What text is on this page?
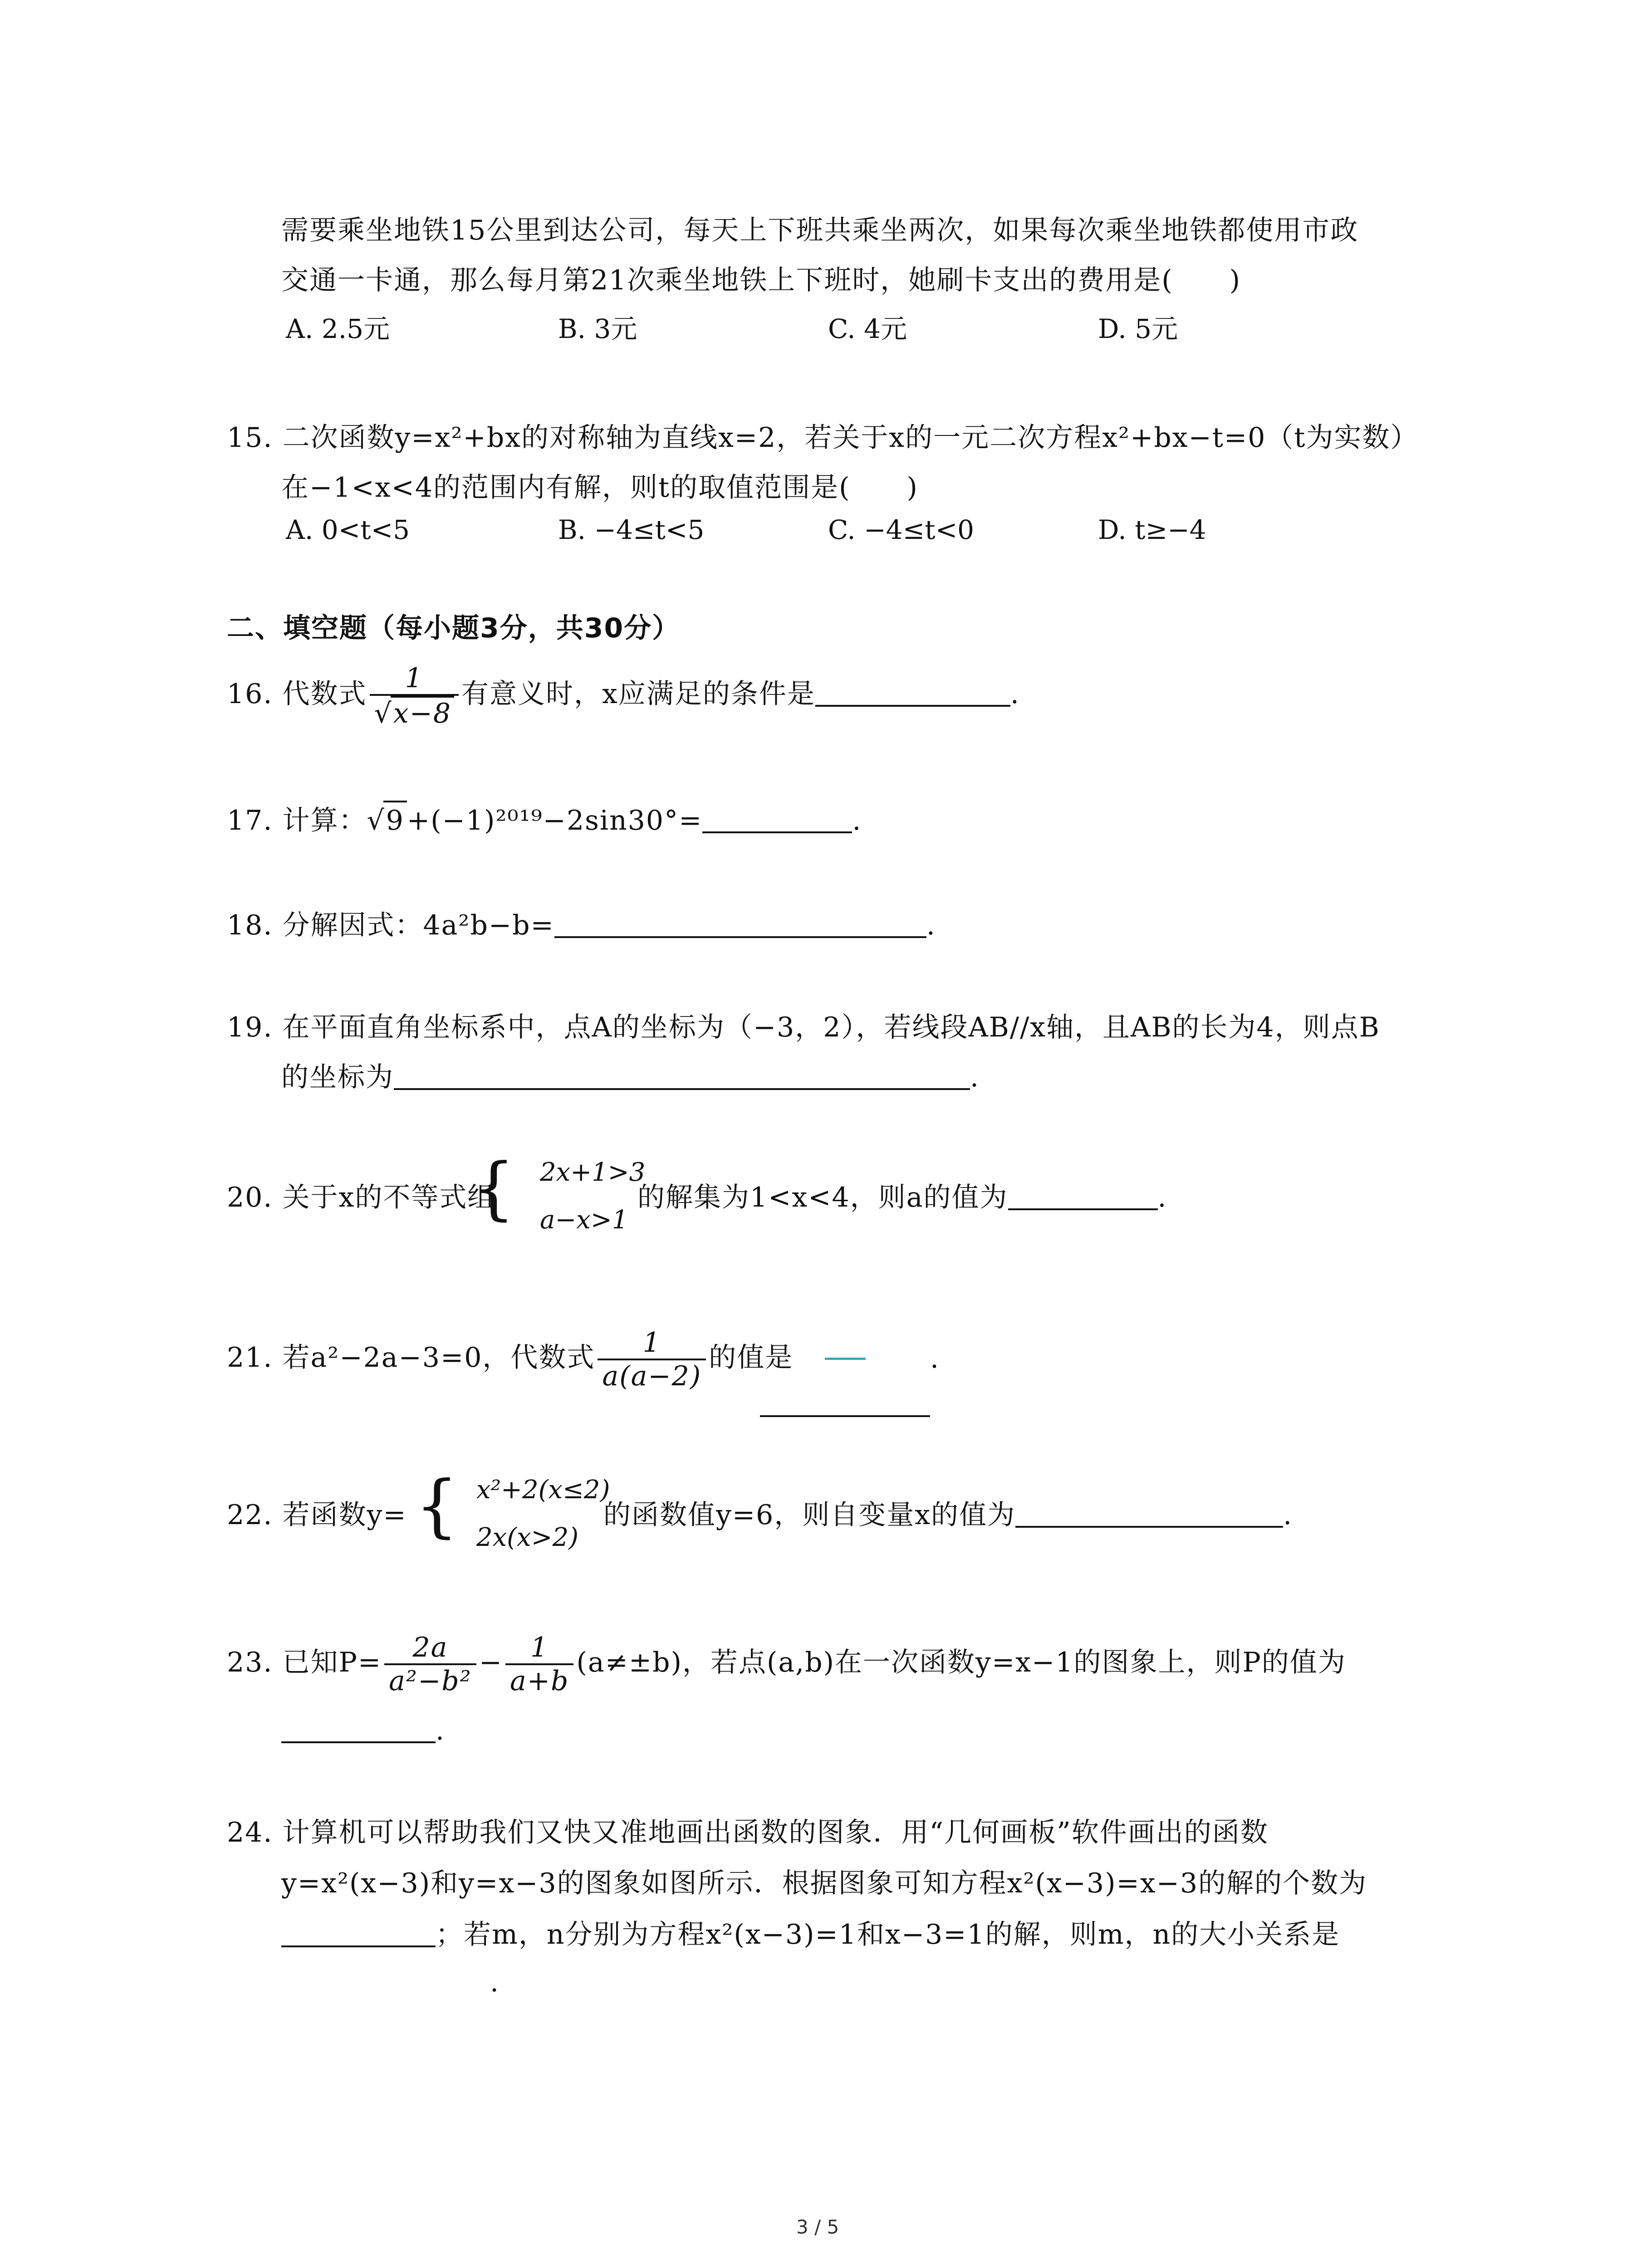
需要乘坐地铁15公里到达公司，每天上下班共乘坐两次，如果每次乘坐地铁都使用市政
交通一卡通，那么每月第21次乘坐地铁上下班时，她刷卡支出的费用是(　　)
A. 2.5元	B. 3元	C. 4元	D. 5元
15. 二次函数y=x²+bx的对称轴为直线x=2，若关于x的一元二次方程x²+bx−t=0（t为实数）
在−1<x<4的范围内有解，则t的取值范围是(　　)
A. 0<t<5	B. −4≤t<5	C. −4≤t<0	D. t≥−4
二、填空题（每小题3分，共30分）
16. 代数式 $\frac{1}{√x-8}$ 有意义时，x应满足的条件是	.
17. 计算：√9 +(−1)²⁰¹⁹−2sin30°=	.
18. 分解因式：4a²b−b=	.
19. 在平面直角坐标系中，点A的坐标为（−3，2），若线段AB//x轴，且AB的长为4，则点B
的坐标为	.
20. 关于x的不等式组
{ 2x+1>3
a−x>1
的解集为1<x<4，则a的值为	.
21. 若a²−2a−3=0，代数式 $\frac{1}{a(a-2)}$ 的值是	.
22. 若函数y= { x²+2(x≤2)
2x(x>2)
的函数值y=6，则自变量x的值为	.
23. 已知$P= \frac{2a}{\text{a²−b²}} - \frac{1}{a+b} (a\ne\pm b)$，若点(a,b)在一次函数y=x−1的图象上，则P的值为
.
24. 计算机可以帮助我们又快又准地画出函数的图象．用“几何画板”软件画出的函数
y=x²(x−3)和y=x−3的图象如图所示．根据图象可知方程x²(x−3)=x−3的解的个数为
；若m，n分别为方程x²(x−3)=1和x−3=1的解，则m，n的大小关系是
.
3 / 5
